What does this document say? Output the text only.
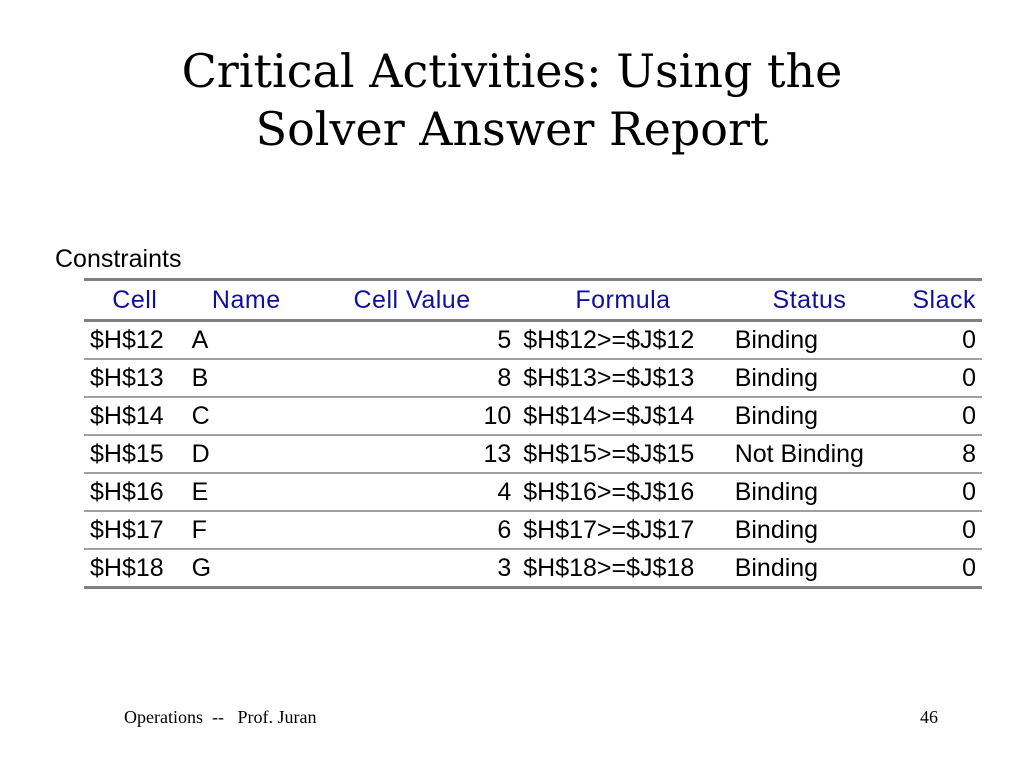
Critical Activities: Using the
Solver Answer Report
Constraints
Cell	Name	Cell Value	Formula	Status	Slack
$H$12	A	5	$H$12>=$J$12	Binding	0
$H$13	B	8	$H$13>=$J$13	Binding	0
$H$14	C	10	$H$14>=$J$14	Binding	0
$H$15	D	13	$H$15>=$J$15	Not Binding	8
$H$16	E	4	$H$16>=$J$16	Binding	0
$H$17	F	6	$H$17>=$J$17	Binding	0
$H$18	G	3	$H$18>=$J$18	Binding	0
Operations  --   Prof. Juran	46
